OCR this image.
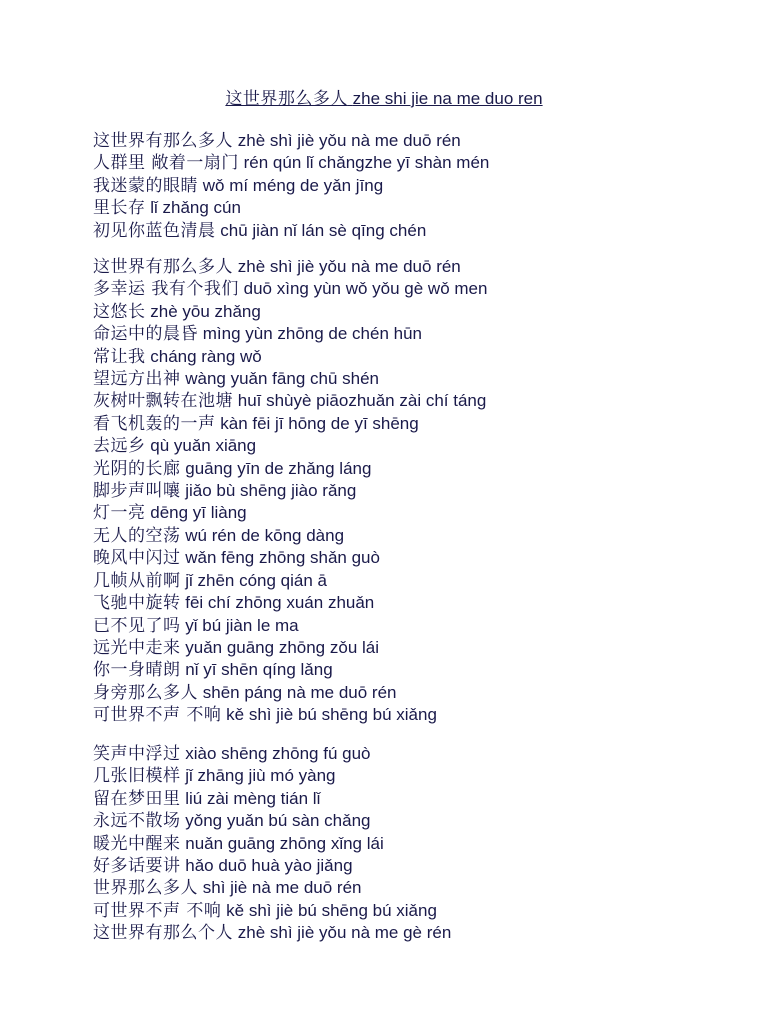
这世界那么多人 zhe shi jie na me duo ren
这世界有那么多人 zhè shì jiè yǒu nà me duō rén
人群里 敞着一扇门 rén qún lǐ chǎngzhe yī shàn mén
我迷蒙的眼睛 wǒ mí méng de yǎn jīng
里长存 lǐ zhǎng cún
初见你蓝色清晨 chū jiàn nǐ lán sè qīng chén
这世界有那么多人 zhè shì jiè yǒu nà me duō rén
多幸运 我有个我们 duō xìng yùn wǒ yǒu gè wǒ men
这悠长 zhè yōu zhǎng
命运中的晨昏 mìng yùn zhōng de chén hūn
常让我 cháng ràng wǒ
望远方出神 wàng yuǎn fāng chū shén
灰树叶飘转在池塘 huī shùyè piāozhuǎn zài chí táng
看飞机轰的一声 kàn fēi jī hōng de yī shēng
去远乡 qù yuǎn xiāng
光阴的长廊 guāng yīn de zhǎng láng
脚步声叫嚷 jiǎo bù shēng jiào rǎng
灯一亮 dēng yī liàng
无人的空荡 wú rén de kōng dàng
晚风中闪过 wǎn fēng zhōng shǎn guò
几帧从前啊 jǐ zhēn cóng qián ā
飞驰中旋转 fēi chí zhōng xuán zhuǎn
已不见了吗 yǐ bú jiàn le ma
远光中走来 yuǎn guāng zhōng zǒu lái
你一身晴朗 nǐ yī shēn qíng lǎng
身旁那么多人 shēn páng nà me duō rén
可世界不声 不响 kě shì jiè bú shēng bú xiǎng
笑声中浮过 xiào shēng zhōng fú guò
几张旧模样 jǐ zhāng jiù mó yàng
留在梦田里 liú zài mèng tián lǐ
永远不散场 yǒng yuǎn bú sàn chǎng
暖光中醒来 nuǎn guāng zhōng xǐng lái
好多话要讲 hǎo duō huà yào jiǎng
世界那么多人 shì jiè nà me duō rén
可世界不声 不响 kě shì jiè bú shēng bú xiǎng
这世界有那么个人 zhè shì jiè yǒu nà me gè rén
